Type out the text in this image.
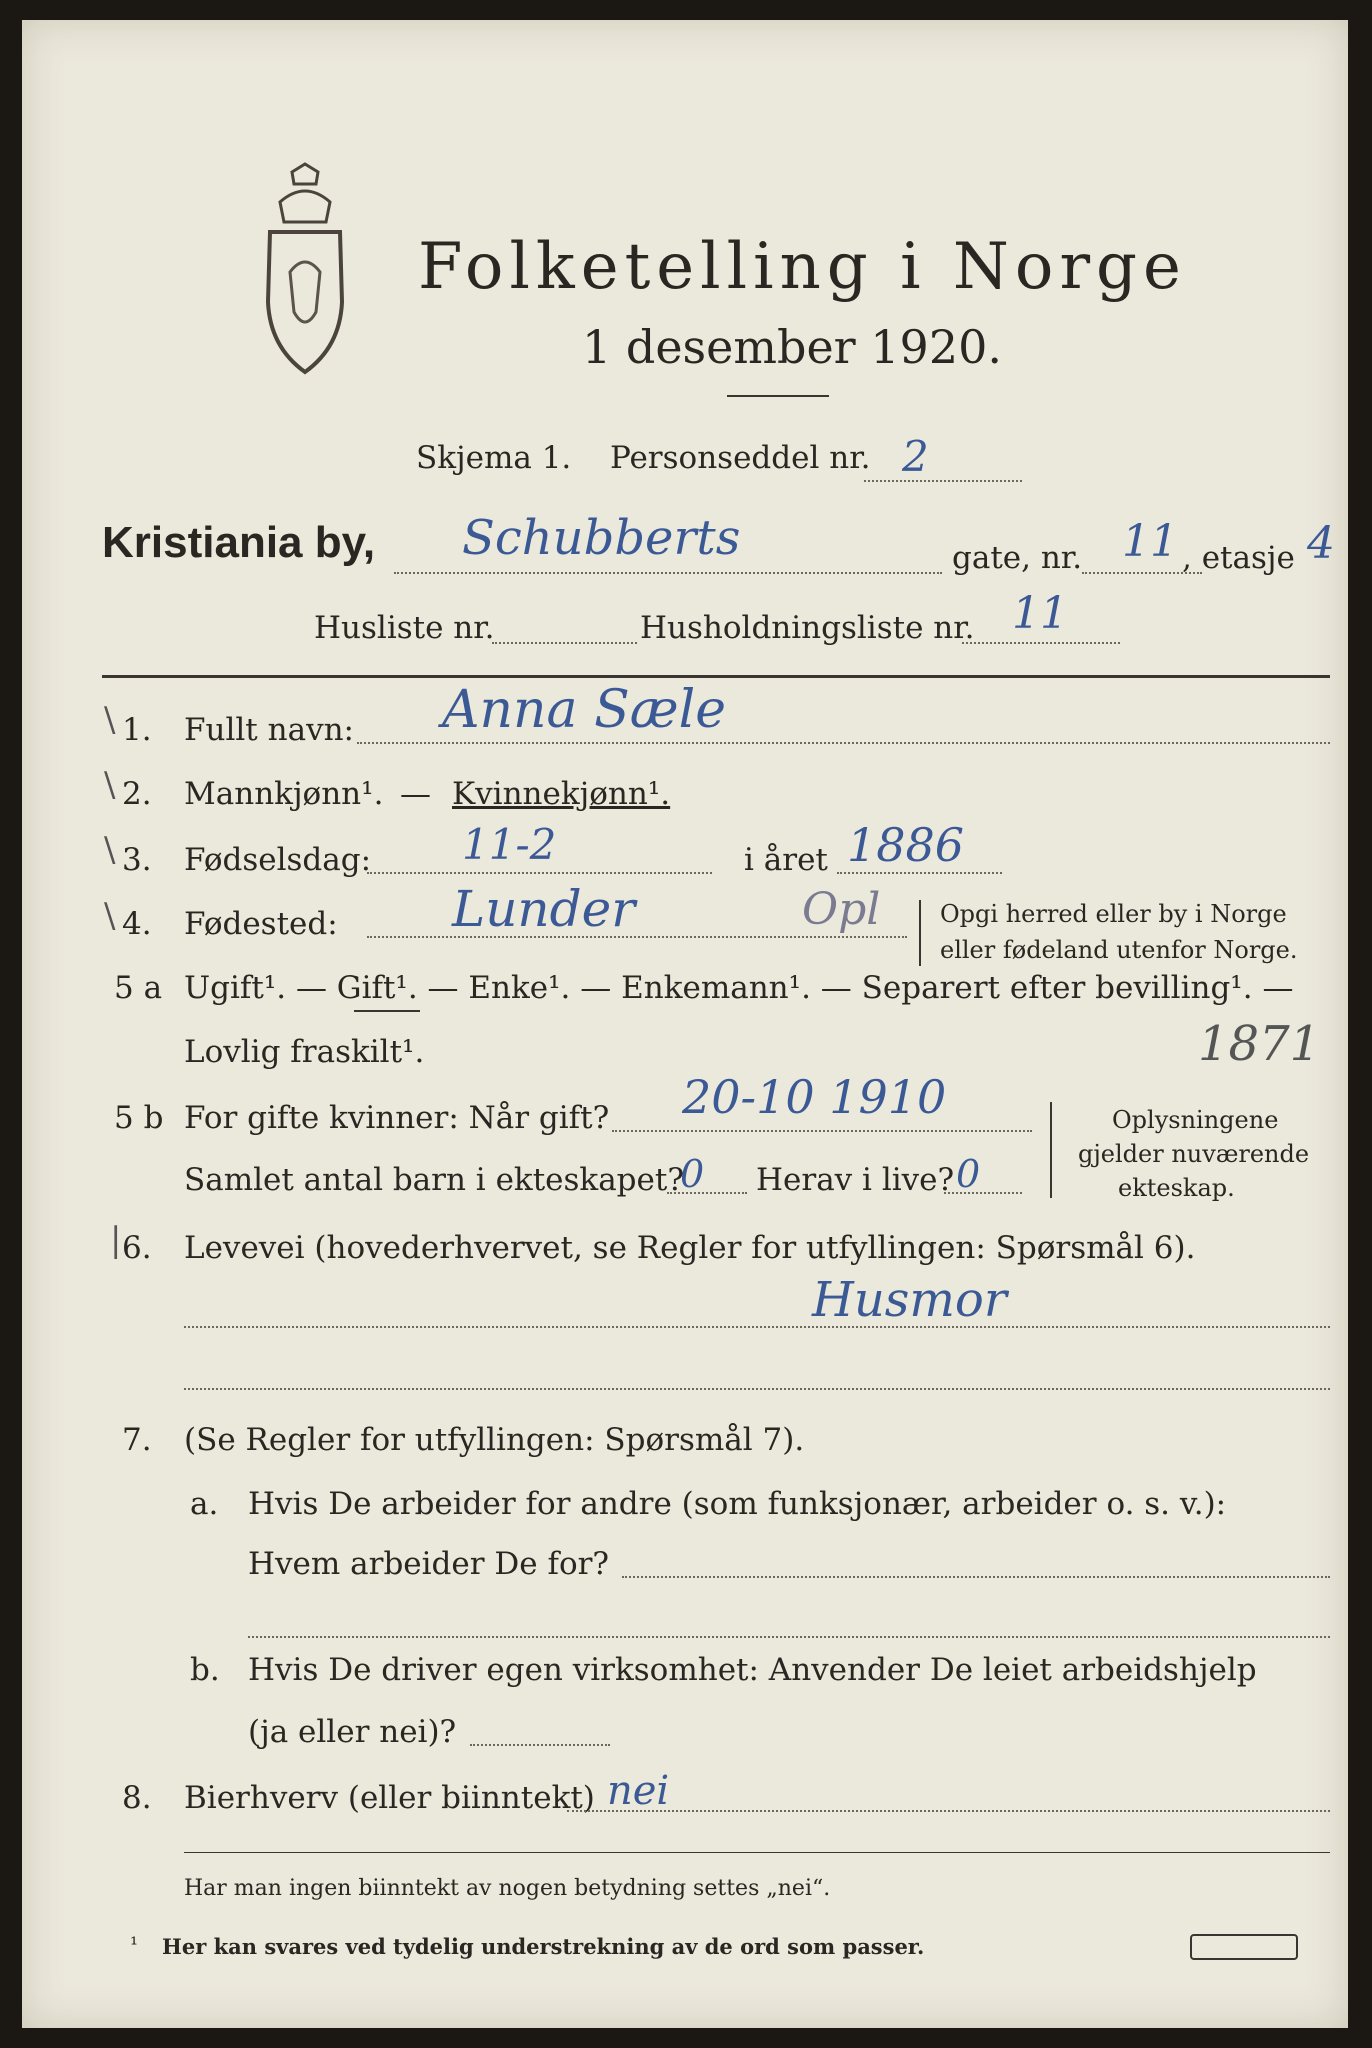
Folketelling i Norge
1 desember 1920.
Skjema 1. Personseddel nr. 2
Kristiania by, Schubberts	gate, nr. 11 , etasje 4
Husliste nr.	Husholdningsliste nr. 11
\
\
\
\
|
1. Fullt navn: Anna Sæle
2. Mannkjønn¹. — Kvinnekjønn¹.
3. Fødselsdag: 11-2	i året 1886
4. Fødested: Lunder	Opl Opgi herred eller by i Norge
eller fødeland utenfor Norge.
5 a Ugift¹. — Gift¹. — Enke¹. — Enkemann¹. — Separert efter bevilling¹. —
Lovlig fraskilt¹.	1871
5 b For gifte kvinner: Når gift? 20-10 1910
Samlet antal barn i ekteskapet?
0 Herav i live? 0
Oplysningene
gjelder nuværende
ekteskap.
6. Levevei (hovederhvervet, se Regler for utfyllingen: Spørsmål 6).
Husmor
7. (Se Regler for utfyllingen: Spørsmål 7).
a. Hvis De arbeider for andre (som funksjonær, arbeider o. s. v.):
Hvem arbeider De for?
b. Hvis De driver egen virksomhet: Anvender De leiet arbeidshjelp
(ja eller nei)?
8. Bierhverv (eller biinntekt) nei
Har man ingen biinntekt av nogen betydning settes „nei“.
¹ Her kan svares ved tydelig understrekning av de ord som passer.
